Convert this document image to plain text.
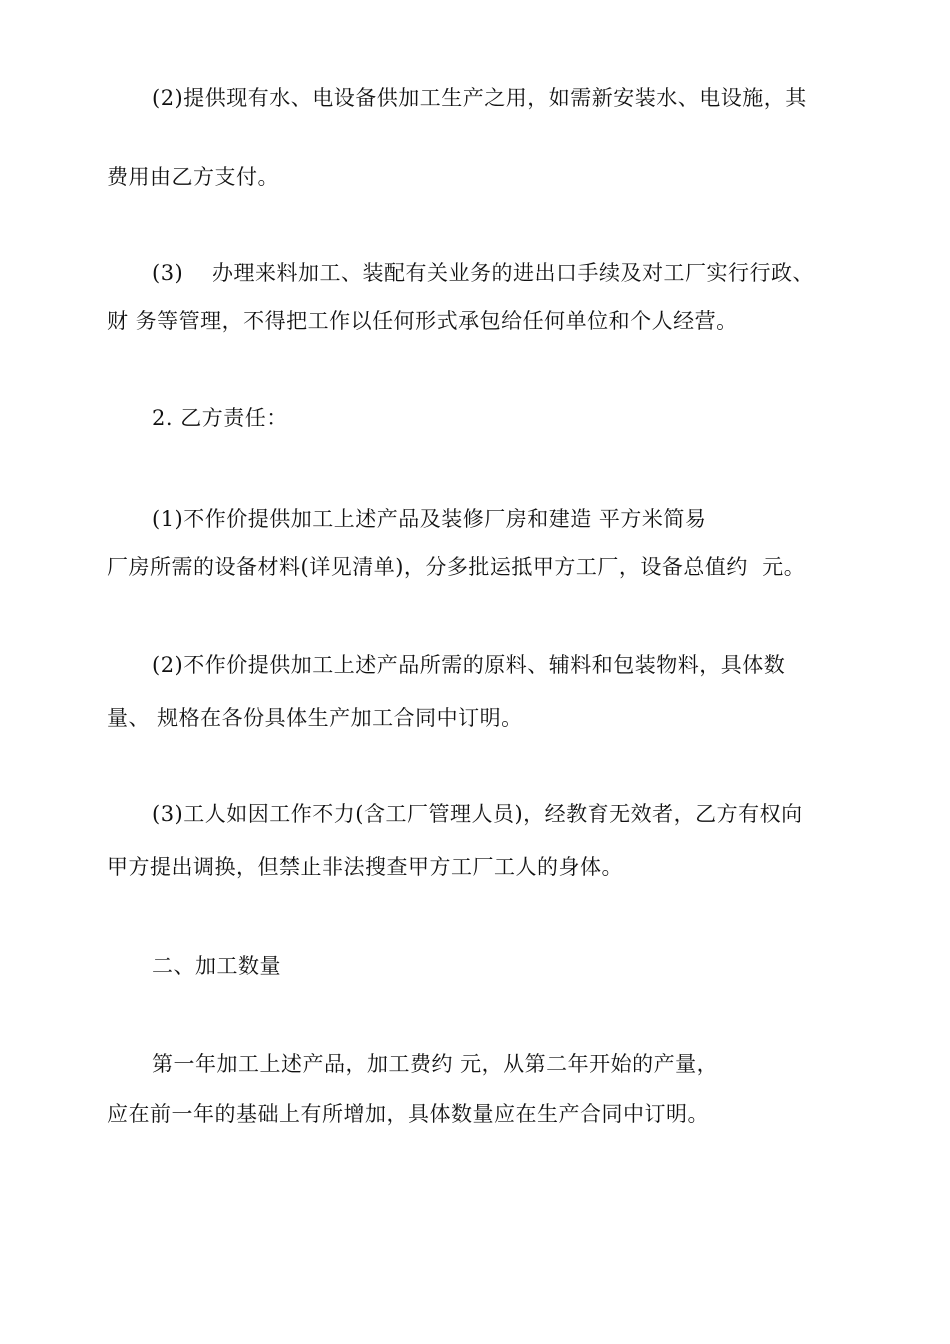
(2)提供现有水、电设备供加工生产之用，如需新安装水、电设施，其
费用由乙方支付。
(3)    办理来料加工、装配有关业务的进出口手续及对工厂实行行政、
财 务等管理，不得把工作以任何形式承包给任何单位和个人经营。
2. 乙方责任：
(1)不作价提供加工上述产品及装修厂房和建造 平方米简易
厂房所需的设备材料(详见清单)，分多批运抵甲方工厂，设备总值约  元。
(2)不作价提供加工上述产品所需的原料、辅料和包装物料，具体数
量、 规格在各份具体生产加工合同中订明。
(3)工人如因工作不力(含工厂管理人员)，经教育无效者，乙方有权向
甲方提出调换，但禁止非法搜查甲方工厂工人的身体。
二、加工数量
第一年加工上述产品，加工费约 元，从第二年开始的产量，
应在前一年的基础上有所增加，具体数量应在生产合同中订明。
